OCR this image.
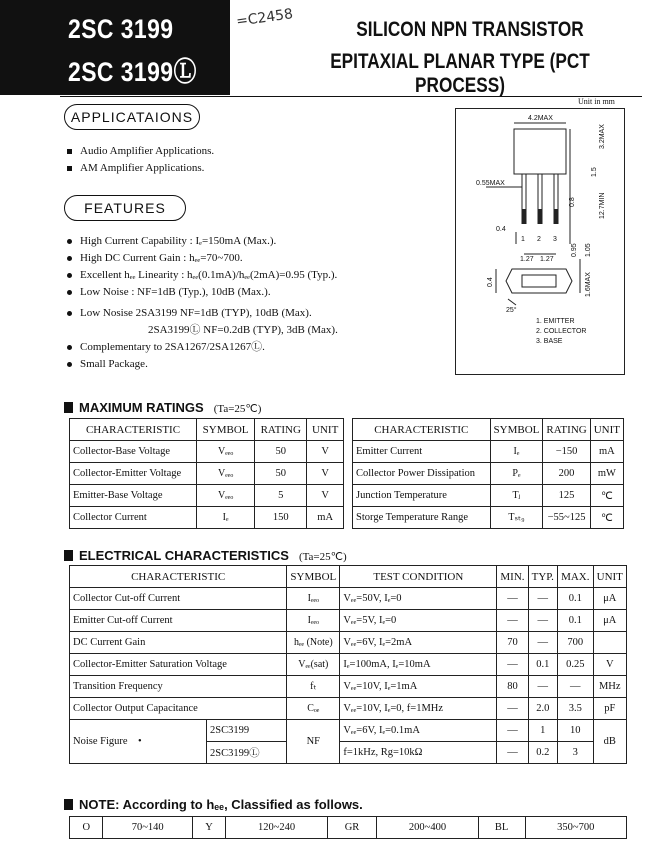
2SC 3199
2SC 3199Ⓛ
=C2458	SILICON NPN TRANSISTOR
EPITAXIAL PLANAR TYPE (PCT PROCESS)
APPLICATAIONS
Audio Amplifier Applications.
AM Amplifier Applications.
FEATURES
High Current Capability : Iₑ=150mA (Max.).
High DC Current Gain : hₑₑ=70~700.
Excellent hₑₑ Linearity : hₑₑ(0.1mA)/hₑₑ(2mA)=0.95 (Typ.).
Low Noise : NF=1dB (Typ.), 10dB (Max.).
Low Nosise 2SA3199 NF=1dB (TYP), 10dB (Max).
2SA3199Ⓛ NF=0.2dB (TYP), 3dB (Max).
Complementary to 2SA1267/2SA1267Ⓛ.
Small Package.
Unit in mm
4.2MAX
3.2MAX
0.55MAX
1.5
0.8	12.7MIN
0.4
1.27 1.27
0.95 1.05
0.4	1.6MAX
25°
1 2 3
1. EMITTER
2. COLLECTOR
3. BASE
MAXIMUM RATINGS (Ta=25℃)
CHARACTERISTIC	SYMBOL	RATING	UNIT
Collector-Base Voltage	Vₑₑₒ	50	V
Collector-Emitter Voltage	Vₑₑₒ	50	V
Emitter-Base Voltage	Vₑₑₒ	5	V
Collector Current	Iₑ	150	mA
CHARACTERISTIC	SYMBOL	RATING	UNIT
Emitter Current	Iₑ	−150	mA
Collector Power Dissipation	Pₑ	200	mW
Junction Temperature	Tⱼ	125	℃
Storge Temperature Range	Tₛₜ₉	−55~125	℃
ELECTRICAL CHARACTERISTICS (Ta=25℃)
CHARACTERISTIC		SYMBOL	TEST CONDITION	MIN.	TYP.	MAX.	UNIT
Collector Cut-off Current		Iₑₑₒ	Vₑₑ=50V, Iₑ=0	—	—	0.1	μA
Emitter Cut-off Current		Iₑₑₒ	Vₑₑ=5V, Iₑ=0	—	—	0.1	μA
DC Current Gain		hₑₑ (Note)	Vₑₑ=6V, Iₑ=2mA	70	—	700	
Collector-Emitter Saturation Voltage		Vₑₑ(sat)	Iₑ=100mA, Iₑ=10mA	—	0.1	0.25	V
Transition Frequency		fₜ	Vₑₑ=10V, Iₑ=1mA	80	—	—	MHz
Collector Output Capacitance		Cₒₑ	Vₑₑ=10V, Iₑ=0, f=1MHz	—	2.0	3.5	pF
Noise Figure •	2SC3199	NF	Vₑₑ=6V, Iₑ=0.1mA	—	1	10	dB
	2SC3199Ⓛ		f=1kHz, Rg=10kΩ	—	0.2	3	
NOTE: According to hₑₑ, Classified as follows.
O	70~140	Y	120~240	GR	200~400	BL	350~700
